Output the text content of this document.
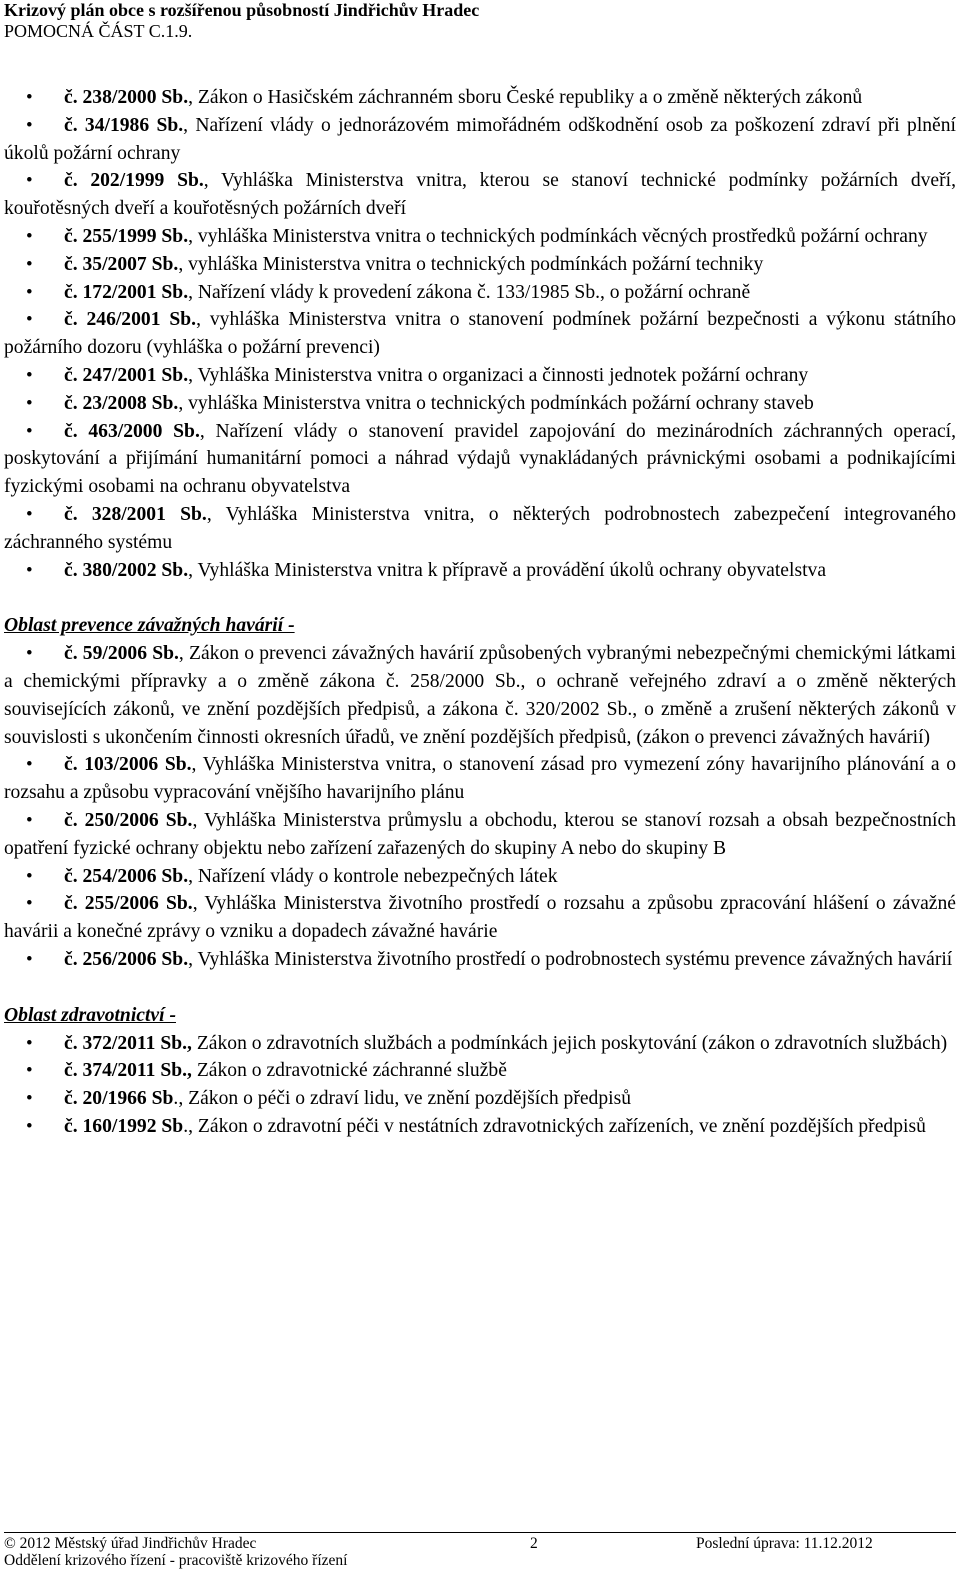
Krizový plán obce s rozšířenou působností Jindřichův Hradec
POMOCNÁ ČÁST C.1.9.
• č. 238/2000 Sb., Zákon o Hasičském záchranném sboru České republiky a o změně některých zákonů
• č. 34/1986 Sb., Nařízení vlády o jednorázovém mimořádném odškodnění osob za poškození zdraví při plnění úkolů požární ochrany
• č. 202/1999 Sb., Vyhláška Ministerstva vnitra, kterou se stanoví technické podmínky požárních dveří, kouřotěsných dveří a kouřotěsných požárních dveří
• č. 255/1999 Sb., vyhláška Ministerstva vnitra o technických podmínkách věcných prostředků požární ochrany
• č. 35/2007 Sb., vyhláška Ministerstva vnitra o technických podmínkách požární techniky
• č. 172/2001 Sb., Nařízení vlády k provedení zákona č. 133/1985 Sb., o požární ochraně
• č. 246/2001 Sb., vyhláška Ministerstva vnitra o stanovení podmínek požární bezpečnosti a výkonu státního požárního dozoru (vyhláška o požární prevenci)
• č. 247/2001 Sb., Vyhláška Ministerstva vnitra o organizaci a činnosti jednotek požární ochrany
• č. 23/2008 Sb., vyhláška Ministerstva vnitra o technických podmínkách požární ochrany staveb
• č. 463/2000 Sb., Nařízení vlády o stanovení pravidel zapojování do mezinárodních záchranných operací, poskytování a přijímání humanitární pomoci a náhrad výdajů vynakládaných právnickými osobami a podnikajícími fyzickými osobami na ochranu obyvatelstva
• č. 328/2001 Sb., Vyhláška Ministerstva vnitra, o některých podrobnostech zabezpečení integrovaného záchranného systému
• č. 380/2002 Sb., Vyhláška Ministerstva vnitra k přípravě a provádění úkolů ochrany obyvatelstva
Oblast prevence závažných havárií -
• č. 59/2006 Sb., Zákon o prevenci závažných havárií způsobených vybranými nebezpečnými chemickými látkami a chemickými přípravky a o změně zákona č. 258/2000 Sb., o ochraně veřejného zdraví a o změně některých souvisejících zákonů, ve znění pozdějších předpisů, a zákona č. 320/2002 Sb., o změně a zrušení některých zákonů v souvislosti s ukončením činnosti okresních úřadů, ve znění pozdějších předpisů, (zákon o prevenci závažných havárií)
• č. 103/2006 Sb., Vyhláška Ministerstva vnitra, o stanovení zásad pro vymezení zóny havarijního plánování a o rozsahu a způsobu vypracování vnějšího havarijního plánu
• č. 250/2006 Sb., Vyhláška Ministerstva průmyslu a obchodu, kterou se stanoví rozsah a obsah bezpečnostních opatření fyzické ochrany objektu nebo zařízení zařazených do skupiny A nebo do skupiny B
• č. 254/2006 Sb., Nařízení vlády o kontrole nebezpečných látek
• č. 255/2006 Sb., Vyhláška Ministerstva životního prostředí o rozsahu a způsobu zpracování hlášení o závažné havárii a konečné zprávy o vzniku a dopadech závažné havárie
• č. 256/2006 Sb., Vyhláška Ministerstva životního prostředí o podrobnostech systému prevence závažných havárií
Oblast zdravotnictví -
• č. 372/2011 Sb., Zákon o zdravotních službách a podmínkách jejich poskytování (zákon o zdravotních službách)
• č. 374/2011 Sb., Zákon o zdravotnické záchranné službě
• č. 20/1966 Sb., Zákon o péči o zdraví lidu, ve znění pozdějších předpisů
• č. 160/1992 Sb., Zákon o zdravotní péči v nestátních zdravotnických zařízeních, ve znění pozdějších předpisů
© 2012 Městský úřad Jindřichův Hradec	2	Poslední úprava: 11.12.2012
Oddělení krizového řízení - pracoviště krizového řízení
